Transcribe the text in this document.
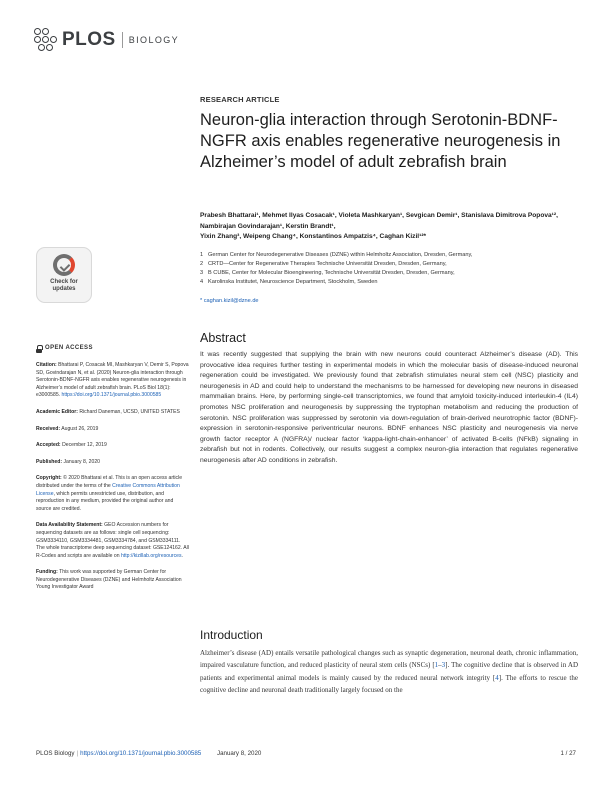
PLOS BIOLOGY
Check for
updates
RESEARCH ARTICLE
Neuron-glia interaction through Serotonin-BDNF-NGFR axis enables regenerative neurogenesis in Alzheimer’s model of adult zebrafish brain
Prabesh Bhattarai¹, Mehmet Ilyas Cosacak¹, Violeta Mashkaryan¹, Sevgican Demir¹, Stanislava Dimitrova Popova¹², Nambirajan Govindarajan¹, Kerstin Brandt¹,
Yixin Zhang³, Weipeng Chang⁴, Konstantinos Ampatzis⁴, Caghan Kizil¹²*
1 German Center for Neurodegenerative Diseases (DZNE) within Helmholtz Association, Dresden, Germany,
2 CRTD—Center for Regenerative Therapies Technische Universität Dresden, Dresden, Germany,
3 B CUBE, Center for Molecular Bioengineering, Technische Universität Dresden, Dresden, Germany,
4 Karolinska Institutet, Neuroscience Department, Stockholm, Sweden
* caghan.kizil@dzne.de
OPEN ACCESS
Citation: Bhattarai P, Cosacak MI, Mashkaryan V, Demir S, Popova SD, Govindarajan N, et al. (2020) Neuron-glia interaction through Serotonin-BDNF-NGFR axis enables regenerative neurogenesis in Alzheimer’s model of adult zebrafish brain. PLoS Biol 18(1): e3000585. https://doi.org/10.1371/journal.pbio.3000585
Academic Editor: Richard Daneman, UCSD, UNITED STATES
Received: August 26, 2019
Accepted: December 12, 2019
Published: January 8, 2020
Copyright: © 2020 Bhattarai et al. This is an open access article distributed under the terms of the Creative Commons Attribution License, which permits unrestricted use, distribution, and reproduction in any medium, provided the original author and source are credited.
Data Availability Statement: GEO Accession numbers for sequencing datasets are as follows: single cell sequencing: GSM3334110, GSM3334481, GSM3334784, and GSM3334111. The whole transcriptome deep sequencing dataset: GSE124162. All R-Codes and scripts are available on http://kizillab.org/resources.
Funding: This work was supported by German Center for Neurodegenerative Diseases (DZNE) and Helmholtz Association Young Investigator Award
Abstract

It was recently suggested that supplying the brain with new neurons could counteract Alzheimer’s disease (AD). This provocative idea requires further testing in experimental models in which the molecular basis of disease-induced neuronal regeneration could be investigated. We previously found that zebrafish stimulates neural stem cell (NSC) plasticity and neurogenesis in AD and could help to understand the mechanisms to be harnessed for developing new neurons in diseased mammalian brains. Here, by performing single-cell transcriptomics, we found that amyloid toxicity-induced interleukin-4 (IL4) promotes NSC proliferation and neurogenesis by suppressing the tryptophan metabolism and reducing the production of serotonin. NSC proliferation was suppressed by serotonin via down-regulation of brain-derived neurotrophic factor (BDNF)-expression in serotonin-responsive periventricular neurons. BDNF enhances NSC plasticity and neurogenesis via nerve growth factor receptor A (NGFRA)/ nuclear factor ‘kappa-light-chain-enhancer’ of activated B-cells (NFkB) signaling in zebrafish but not in rodents. Collectively, our results suggest a complex neuron-glia interaction that regulates regenerative neurogenesis after AD conditions in zebrafish.

Introduction

Alzheimer’s disease (AD) entails versatile pathological changes such as synaptic degeneration, neuronal death, chronic inflammation, impaired vasculature function, and reduced plasticity of neural stem cells (NSCs) [1–3]. The cognitive decline that is observed in AD patients and experimental animal models is mainly caused by the reduced neural network integrity [4]. The efforts to rescue the cognitive decline and neuronal death traditionally largely focused on the

PLOS Biology | https://doi.org/10.1371/journal.pbio.3000585	January 8, 2020	1 / 27
